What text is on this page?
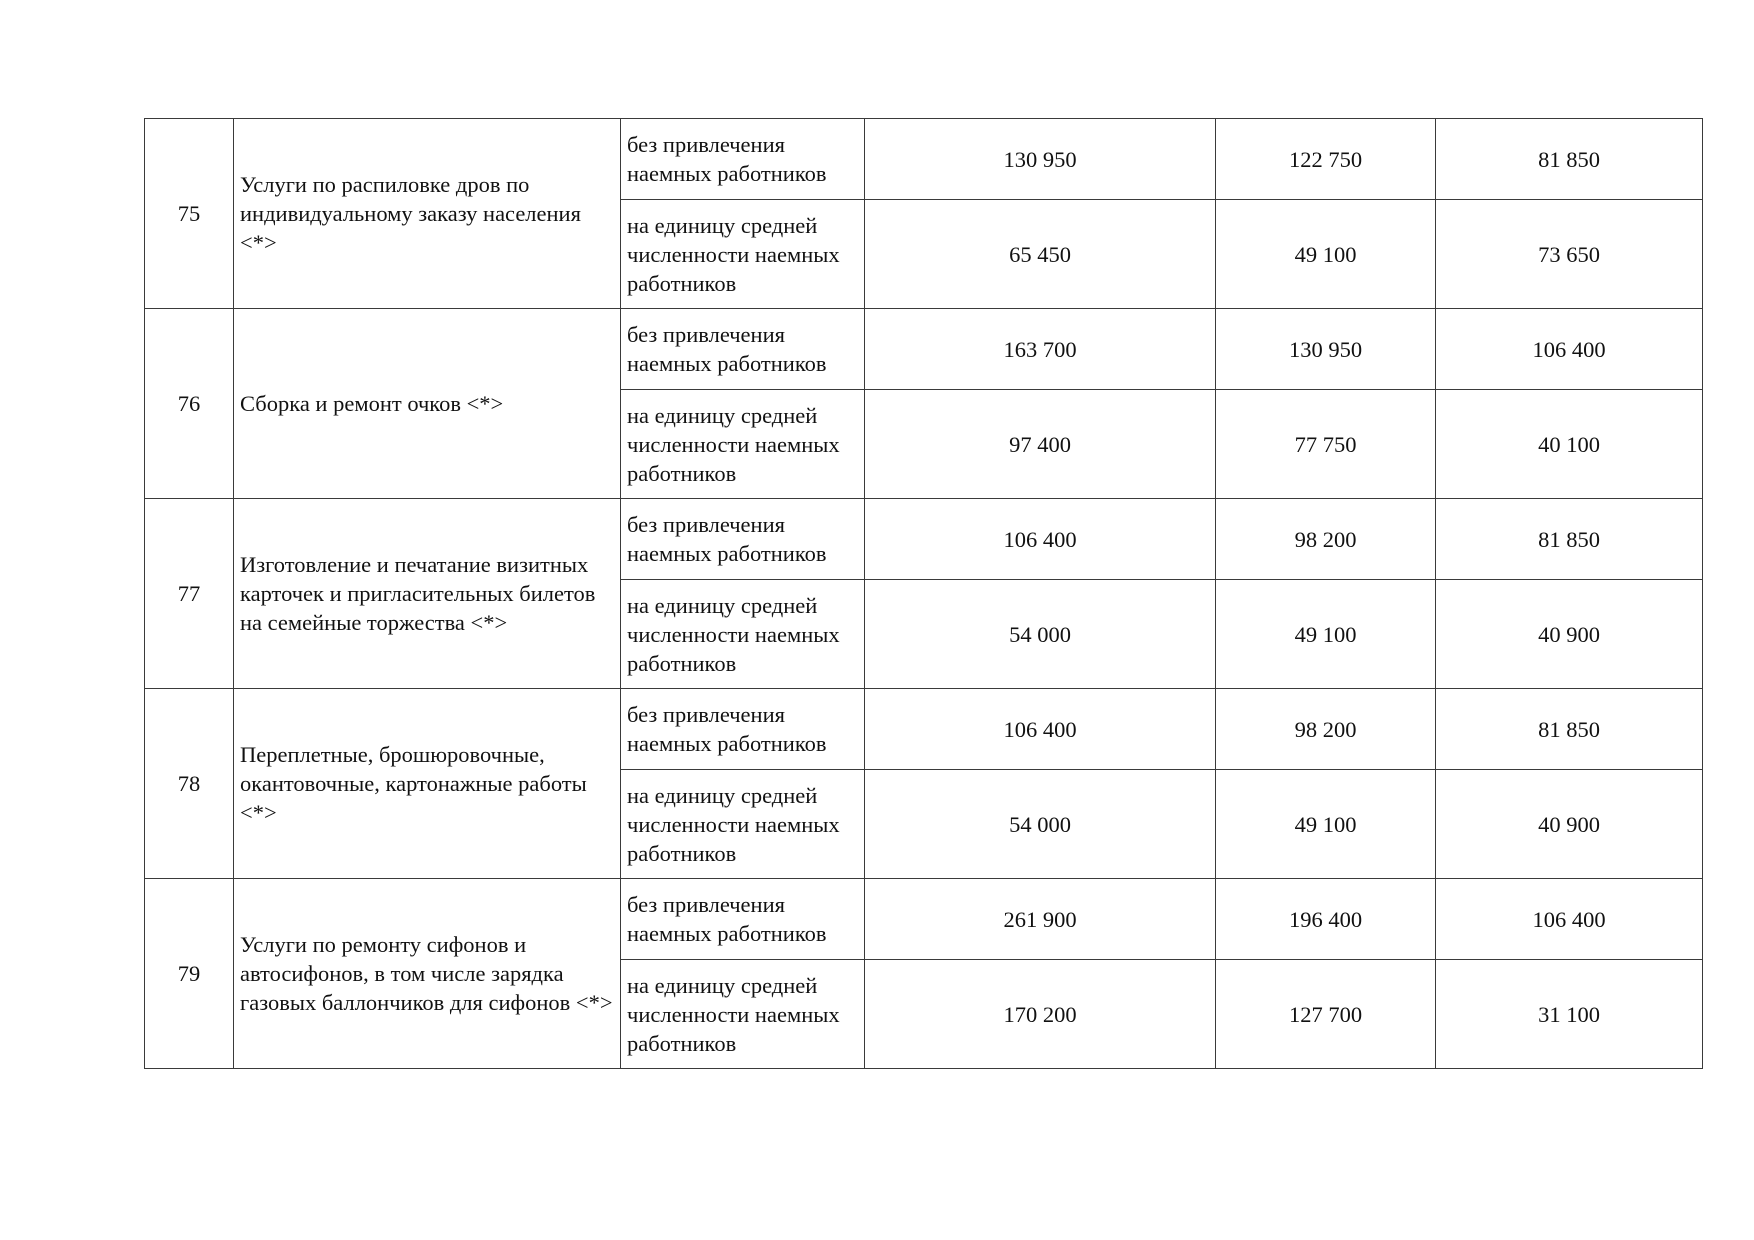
75	Услуги по распиловке дров по индивидуальному заказу населения <*>	без привлечения наемных работников	130 950	122 750	81 850

		на единицу средней численности наемных работников	65 450	49 100	73 650
76	Сборка и ремонт очков <*>	без привлечения наемных работников	163 700	130 950	106 400

		на единицу средней численности наемных работников	97 400	77 750	40 100
77	Изготовление и печатание визитных карточек и пригласительных билетов на семейные торжества <*>	без привлечения наемных работников	106 400	98 200	81 850

		на единицу средней численности наемных работников	54 000	49 100	40 900
78	Переплетные, брошюровочные, окантовочные, картонажные работы <*>	без привлечения наемных работников	106 400	98 200	81 850

		на единицу средней численности наемных работников	54 000	49 100	40 900
79	Услуги по ремонту сифонов и автосифонов, в том числе зарядка газовых баллончиков для сифонов <*>	без привлечения наемных работников	261 900	196 400	106 400

		на единицу средней численности наемных работников	170 200	127 700	31 100
